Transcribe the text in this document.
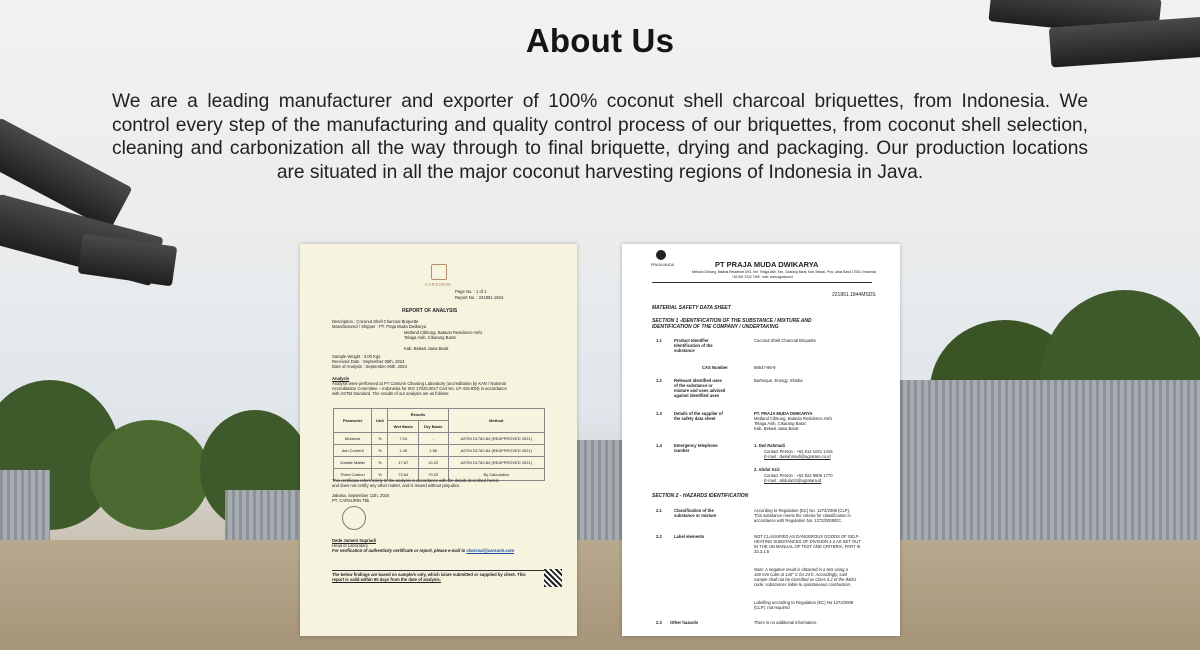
About Us

We are a leading manufacturer and exporter of 100% coconut shell charcoal briquettes, from Indonesia. We control every step of the manufacturing and quality control process of our briquettes, from coconut shell selection, cleaning and carbonization all the way through to final briquette, drying and packaging. Our production locations are situated in all the major coconut harvesting regions of Indonesia in Java.

CARSURIN
Page No. : 1 of 1
Report No. : 241861.1844
REPORT OF ANALYSIS
Description : Coconut Shell Charcoal Briquette
Manufactured / Shipper : PT. Praja Muda Dwikarya
Metland Cibitung, Batavia Residence A9/1
Telaga Asih, Cikarang Barat
Kab. Bekasi Jawa Barat
Sample Weight : 3.00 Kgs
Received Date : September 05th, 2024
Date of Analysis : September 06th, 2024
Analysis
Analysis were performed at PT Carsurin Cikarang Laboratory (accreditation by KAN / National
Accreditation Committee – Indonesia for ISO 17025:2017 Cert No. LP-415-IDN) in accordance
with ASTM Standard. The results of our analysis are as follows:
Parameter	Unit	Results		Method
		Wet Basis	Dry Basis	
Moisture	%	7.04	-	ASTM D1762-84 (REAPPROVED 2021)
Ash Content	%	1.45	1.56	ASTM D1762-84 (REAPPROVED 2021)
Volatile Matter	%	17.87	19.22	ASTM D1762-84 (REAPPROVED 2021)
Fixed Carbon	%	73.64	79.22	By Calculation
This certificate refers solely to the analysis in accordance with the details described herein
and does not certify any other matter, and is issued without prejudice.
Jakarta, September 11th, 2024
PT. CARSURIN Tbk
Dede Jumeni Supriadi
Head of Laboratory
For verification of authenticity certificate or report, please e-mail to charcoal@carsurin.com
The below findings are based on sample/s only, which is/are submitted or supplied by client. This
report is valid within 90 days from the date of analysis.
PRAJA MUDA	PT PRAJA MUDA DWIKARYA
Metland Cibitung, Batavia Residence A9/1, Kel. Telaga Asih, Kec. Cikarang Barat, Kab. Bekasi, Prov. Jawa Barat 17530, Indonesia
+62 851 2330 7465 · web: www.agratara.id
221861.1844MSDS
MATERIAL SAFETY DATA SHEET
SECTION 1 -IDENTIFICATION OF THE SUBSTANCE / MIXTURE AND
IDENTIFICATION OF THE COMPANY / UNDERTAKING
1.1	Product Identifier
Identification of the
substance
Coconut Shell Charcoal Briquette
CAS Number	68647-86-9
1.2	Relevant identified uses
of the substance or
mixture and uses advised
against identified uses
Barbeque, Energy, Shisha
1.3	Details of the supplier of
the safety data sheet
PT. PRAJA MUDA DWIKARYA
Metland Cibitung, Batavia Residence A9/1
Telaga Asih, Cikarang Barat
Kab. Bekasi Jawa Barat
1.4	Emergency telephone
number
1. Dwi Rahmadi
Contact Person : +62 812 1041 1415
E-mail : dwirahmadi@agratara.co.id
2. Abdul Aziz
Contact Person : +62 822 9806 1770
E-mail : abdulaziz@agratara.id
SECTION 2 - HAZARDS IDENTIFICATION
2.1	Classification of the
substance or mixture
According to Regulation (EC) No. 1272/2008 (CLP),
This substance meets the criteria for classification in
accordance with Regulation No. 1272/2008/EC.
2.2	Label elements	NOT CLASSIFIED AS DANGEROUS GOODS OF SELF-
HEATING SUBSTANCES OF DIVISION 4.2 AS SET OUT
IN THE UN MANUAL OF TEST AND CRITERIA, PART III
33.3.1.6
Note: A negative result is obtained in a test using a
100 mm cube at 140° C for 24 h. Accordingly, said
sample shall not be classified as Class 4.2 of the IMDG
code; substances liable to spontaneous combustion.
Labelling according to Regulation (EC) No 1272/2008
(CLP): not required
2.3 Other hazards	There is no additional information.
